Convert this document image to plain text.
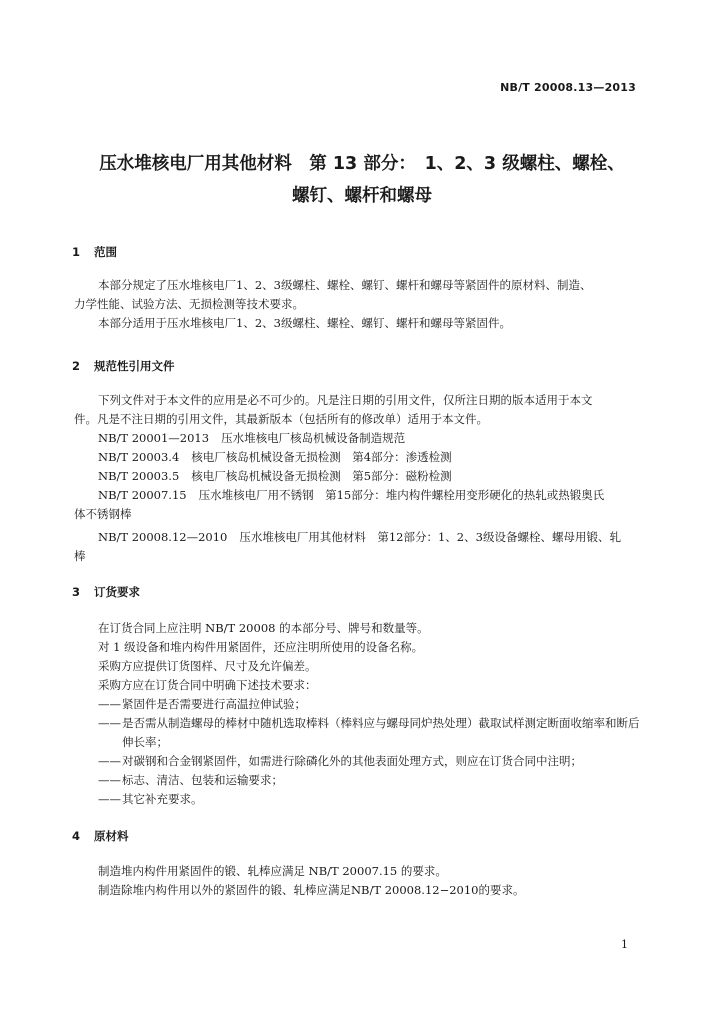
NB/T 20008.13—2013
压水堆核电厂用其他材料　第 13 部分：　1、2、3 级螺柱、螺栓、
螺钉、螺杆和螺母
1 范围
本部分规定了压水堆核电厂1、2、3级螺柱、螺栓、螺钉、螺杆和螺母等紧固件的原材料、制造、
力学性能、试验方法、无损检测等技术要求。
本部分适用于压水堆核电厂1、2、3级螺柱、螺栓、螺钉、螺杆和螺母等紧固件。
2 规范性引用文件
下列文件对于本文件的应用是必不可少的。凡是注日期的引用文件，仅所注日期的版本适用于本文
件。凡是不注日期的引用文件，其最新版本（包括所有的修改单）适用于本文件。
NB/T 20001—2013 压水堆核电厂核岛机械设备制造规范
NB/T 20003.4 核电厂核岛机械设备无损检测　第4部分：渗透检测
NB/T 20003.5 核电厂核岛机械设备无损检测　第5部分：磁粉检测
NB/T 20007.15 压水堆核电厂用不锈钢　第15部分：堆内构件螺栓用变形硬化的热轧或热锻奥氏
体不锈钢棒
NB/T 20008.12—2010 压水堆核电厂用其他材料　第12部分：1、2、3级设备螺栓、螺母用锻、轧
棒
3 订货要求
在订货合同上应注明 NB/T 20008 的本部分号、牌号和数量等。
对 1 级设备和堆内构件用紧固件，还应注明所使用的设备名称。
采购方应提供订货图样、尺寸及允许偏差。
采购方应在订货合同中明确下述技术要求：
—— 紧固件是否需要进行高温拉伸试验；
—— 是否需从制造螺母的棒材中随机选取棒料（棒料应与螺母同炉热处理）截取试样测定断面收缩率和断后伸长率；
—— 对碳钢和合金钢紧固件，如需进行除磷化外的其他表面处理方式，则应在订货合同中注明；
—— 标志、清洁、包装和运输要求；
—— 其它补充要求。
4 原材料
制造堆内构件用紧固件的锻、轧棒应满足 NB/T 20007.15 的要求。
制造除堆内构件用以外的紧固件的锻、轧棒应满足NB/T 20008.12−2010的要求。
1
